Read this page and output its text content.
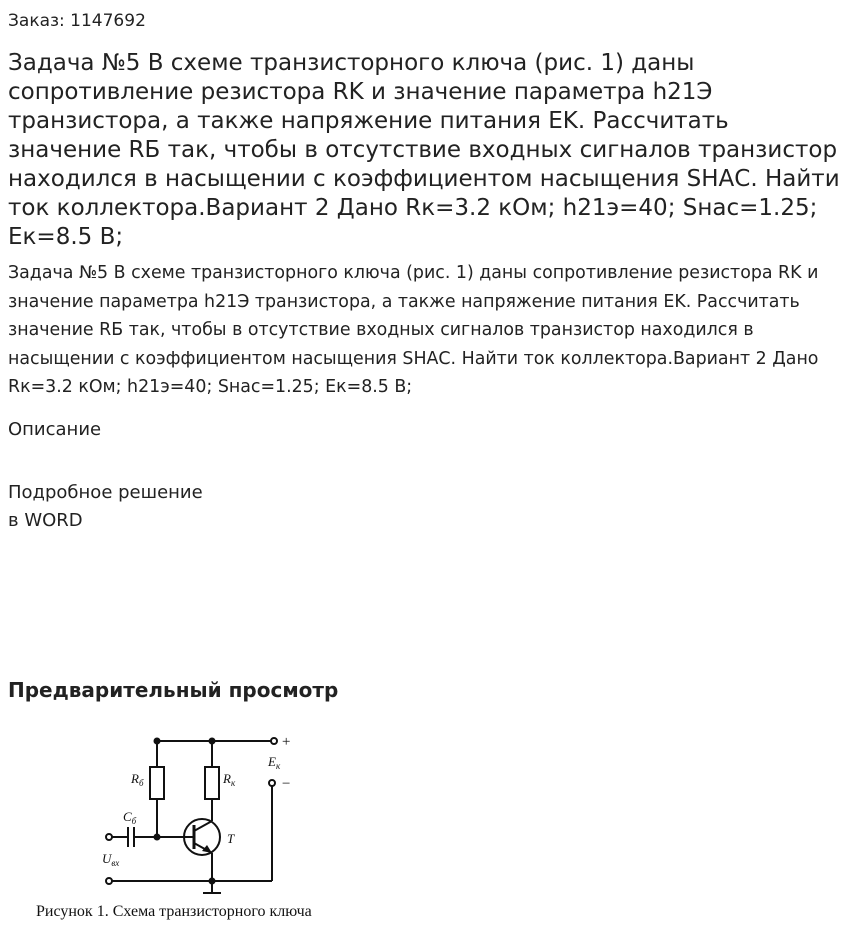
Заказ: 1147692
Задача №5 В схеме транзисторного ключа (рис. 1) даны сопротивление резистора RK и значение параметра h21Э транзистора, а также напряжение питания EK. Рассчитать значение RБ так, чтобы в отсутствие входных сигналов транзистор находился в насыщении с коэффициентом насыщения SНАС. Найти ток коллектора.Вариант 2 Дано Rк=3.2 кОм; h21э=40; Sнас=1.25; Ек=8.5 В;

Задача №5 В схеме транзисторного ключа (рис. 1) даны сопротивление резистора RK и значение параметра h21Э транзистора, а также напряжение питания EK. Рассчитать значение RБ так, чтобы в отсутствие входных сигналов транзистор находился в насыщении с коэффициентом насыщения SНАС. Найти ток коллектора.Вариант 2 Дано Rк=3.2 кОм; h21э=40; Sнас=1.25; Ек=8.5 В;

Описание
Подробное решение
в WORD
Предварительный просмотр
$R_б$	$R_к$
$C_б$
T
$E_к$
$U_{вх}$
+
−
Рисунок 1. Схема транзисторного ключа
